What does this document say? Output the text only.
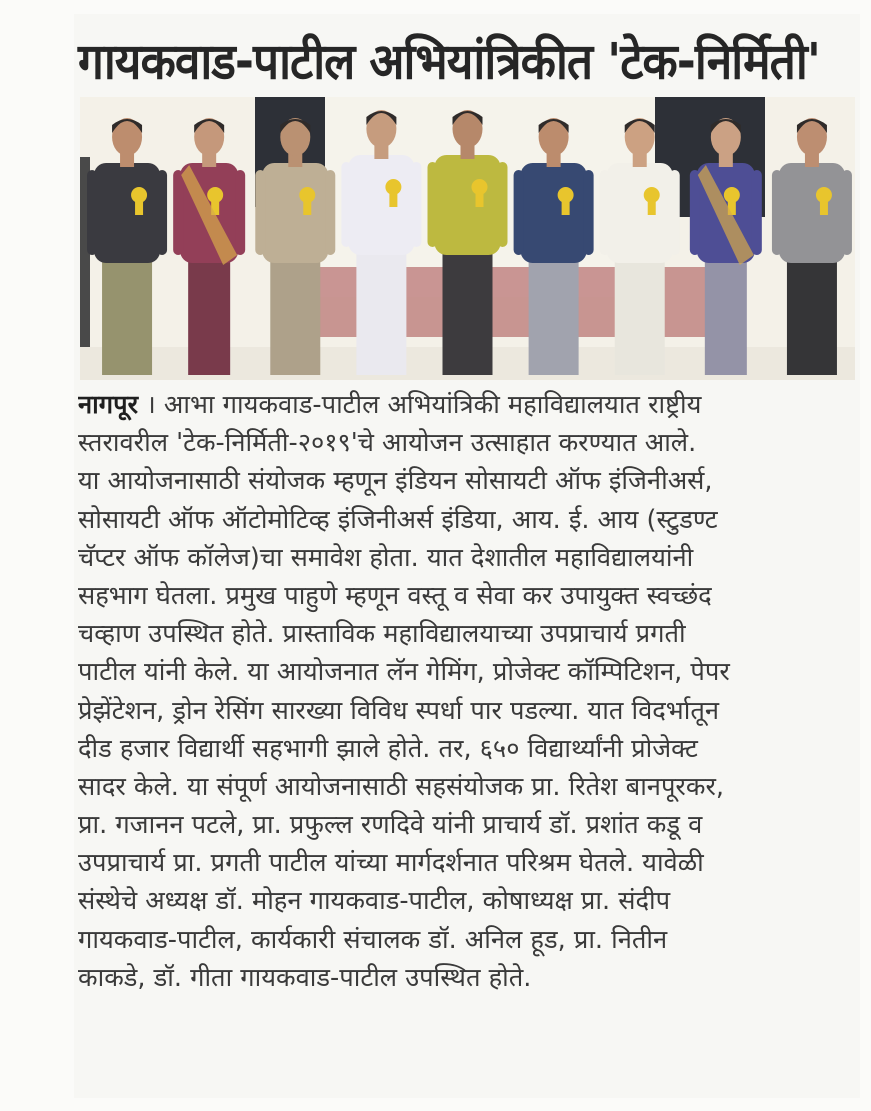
गायकवाड-पाटील अभियांत्रिकीत 'टेक-निर्मिती'
नागपूर । आभा गायकवाड-पाटील अभियांत्रिकी महाविद्यालयात राष्ट्रीय
स्तरावरील 'टेक-निर्मिती-२०१९'चे आयोजन उत्साहात करण्यात आले.
या आयोजनासाठी संयोजक म्हणून इंडियन सोसायटी ऑफ इंजिनीअर्स,
सोसायटी ऑफ ऑटोमोटिव्ह इंजिनीअर्स इंडिया, आय. ई. आय (स्टुडण्ट
चॅप्टर ऑफ कॉलेज)चा समावेश होता. यात देशातील महाविद्यालयांनी
सहभाग घेतला. प्रमुख पाहुणे म्हणून वस्तू व सेवा कर उपायुक्त स्वच्छंद
चव्हाण उपस्थित होते. प्रास्ताविक महाविद्यालयाच्या उपप्राचार्य प्रगती
पाटील यांनी केले. या आयोजनात लॅन गेमिंग, प्रोजेक्ट कॉम्पिटिशन, पेपर
प्रेझेंटेशन, ड्रोन रेसिंग सारख्या विविध स्पर्धा पार पडल्या. यात विदर्भातून
दीड हजार विद्यार्थी सहभागी झाले होते. तर, ६५० विद्यार्थ्यांनी प्रोजेक्ट
सादर केले. या संपूर्ण आयोजनासाठी सहसंयोजक प्रा. रितेश बानपूरकर,
प्रा. गजानन पटले, प्रा. प्रफुल्ल रणदिवे यांनी प्राचार्य डॉ. प्रशांत कडू व
उपप्राचार्य प्रा. प्रगती पाटील यांच्या मार्गदर्शनात परिश्रम घेतले. यावेळी
संस्थेचे अध्यक्ष डॉ. मोहन गायकवाड-पाटील, कोषाध्यक्ष प्रा. संदीप
गायकवाड-पाटील, कार्यकारी संचालक डॉ. अनिल हूड, प्रा. नितीन
काकडे, डॉ. गीता गायकवाड-पाटील उपस्थित होते.
